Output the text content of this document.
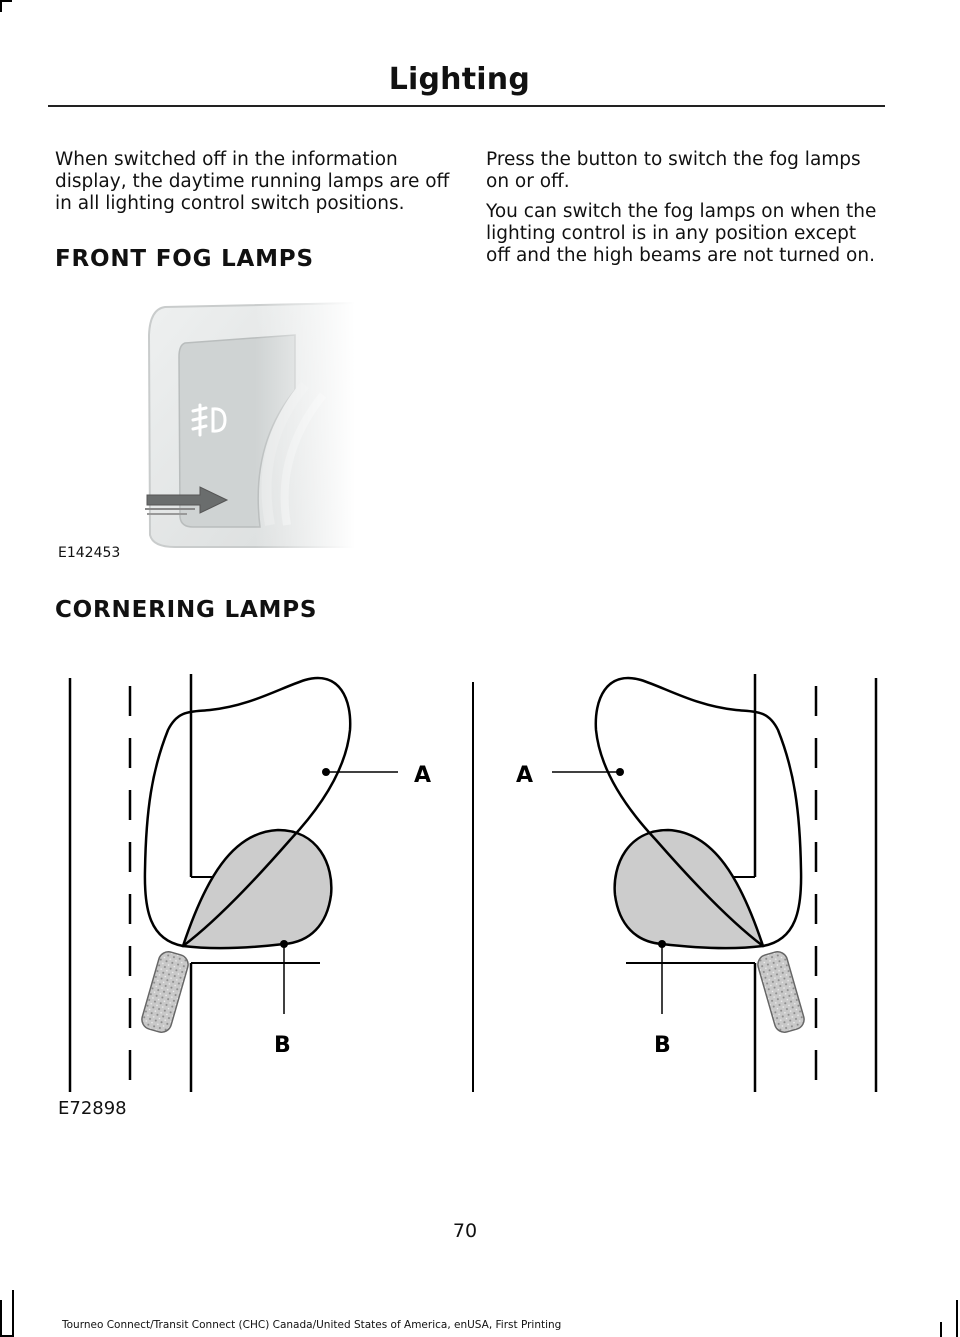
Lighting

When switched off in the information display, the daytime running lamps are off in all lighting control switch positions.

FRONT FOG LAMPS
E142453

Press the button to switch the fog lamps on or off.

You can switch the fog lamps on when the lighting control is in any position except off and the high beams are not turned on.

CORNERING LAMPS
A
B
A
B
E72898
70
Tourneo Connect/Transit Connect (CHC) Canada/United States of America, enUSA, First Printing
